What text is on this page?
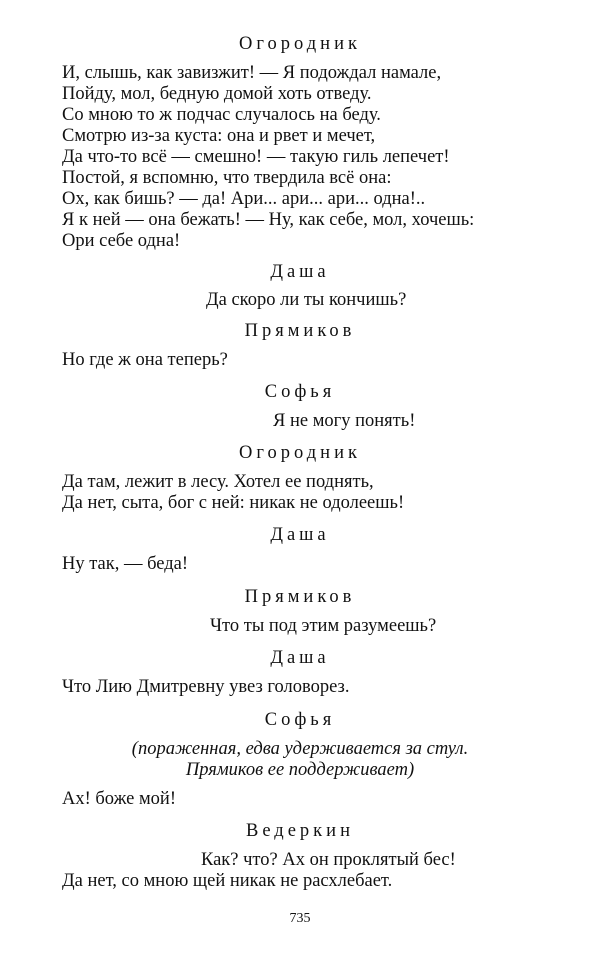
Огородник
И, слышь, как завизжит! — Я подождал намале,
Пойду, мол, бедную домой хоть отведу.
Со мною то ж подчас случалось на беду.
Смотрю из-за куста: она и рвет и мечет,
Да что-то всё — смешно! — такую гиль лепечет!
Постой, я вспомню, что твердила всё она:
Ох, как бишь? — да! Ари... ари... ари... одна!..
Я к ней — она бежать! — Ну, как себе, мол, хочешь:
Ори себе одна!
Даша
Да скоро ли ты кончишь?
Прямиков
Но где ж она теперь?
Софья
Я не могу понять!
Огородник
Да там, лежит в лесу. Хотел ее поднять,
Да нет, сыта, бог с ней: никак не одолеешь!
Даша
Ну так, — беда!
Прямиков
Что ты под этим разумеешь?
Даша
Что Лию Дмитревну увез головорез.
Софья
(пораженная, едва удерживается за стул.
Прямиков ее поддерживает)
Ах! боже мой!
Ведеркин
Как? что? Ах он проклятый бес!
Да нет, со мною щей никак не расхлебает.
735
